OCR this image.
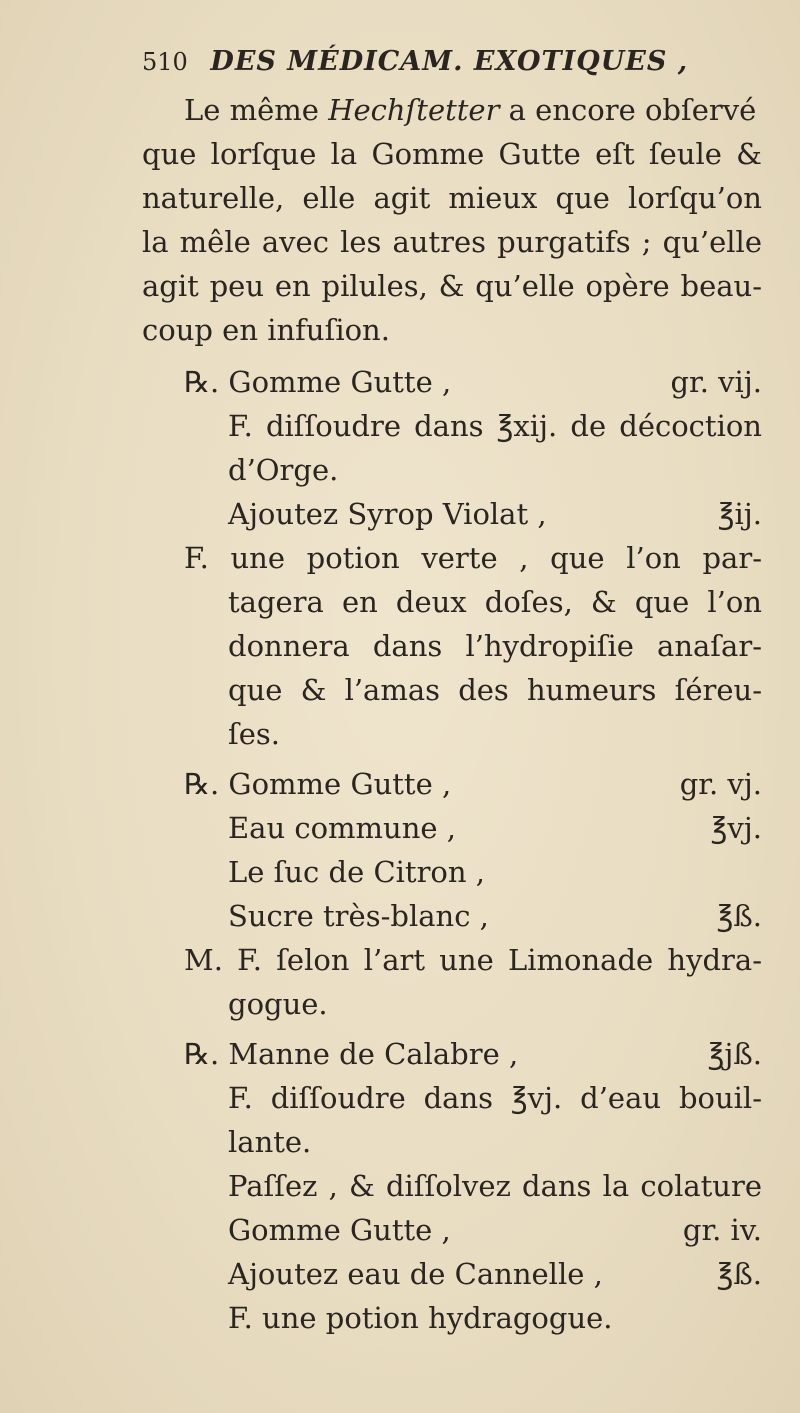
510 DES MÉDICAM. EXOTIQUES ,
Le même Hechſtetter a encore obſervé
que lorſque la Gomme Gutte eſt ſeule &
naturelle, elle agit mieux que lorſqu’on
la mêle avec les autres purgatifs ; qu’elle
agit peu en pilules, & qu’elle opère beau-
coup en infuſion.
℞. Gomme Gutte ,	gr. vij.
F. diſſoudre dans ℥xij. de décoction
d’Orge.
Ajoutez Syrop Violat ,	℥ij.
F. une potion verte , que l’on par-
tagera en deux doſes, & que l’on
donnera dans l’hydropiſie anaſar-
que & l’amas des humeurs ſéreu-
ſes.
℞. Gomme Gutte ,	gr. vj.
Eau commune ,	℥vj.
Le ſuc de Citron ,
Sucre très-blanc ,	℥ß.
M. F. ſelon l’art une Limonade hydra-
gogue.
℞. Manne de Calabre ,	℥jß.
F. diſſoudre dans ℥vj. d’eau bouil-
lante.
Paſſez , & diſſolvez dans la colature
Gomme Gutte ,	gr. iv.
Ajoutez eau de Cannelle ,	℥ß.
F. une potion hydragogue.
